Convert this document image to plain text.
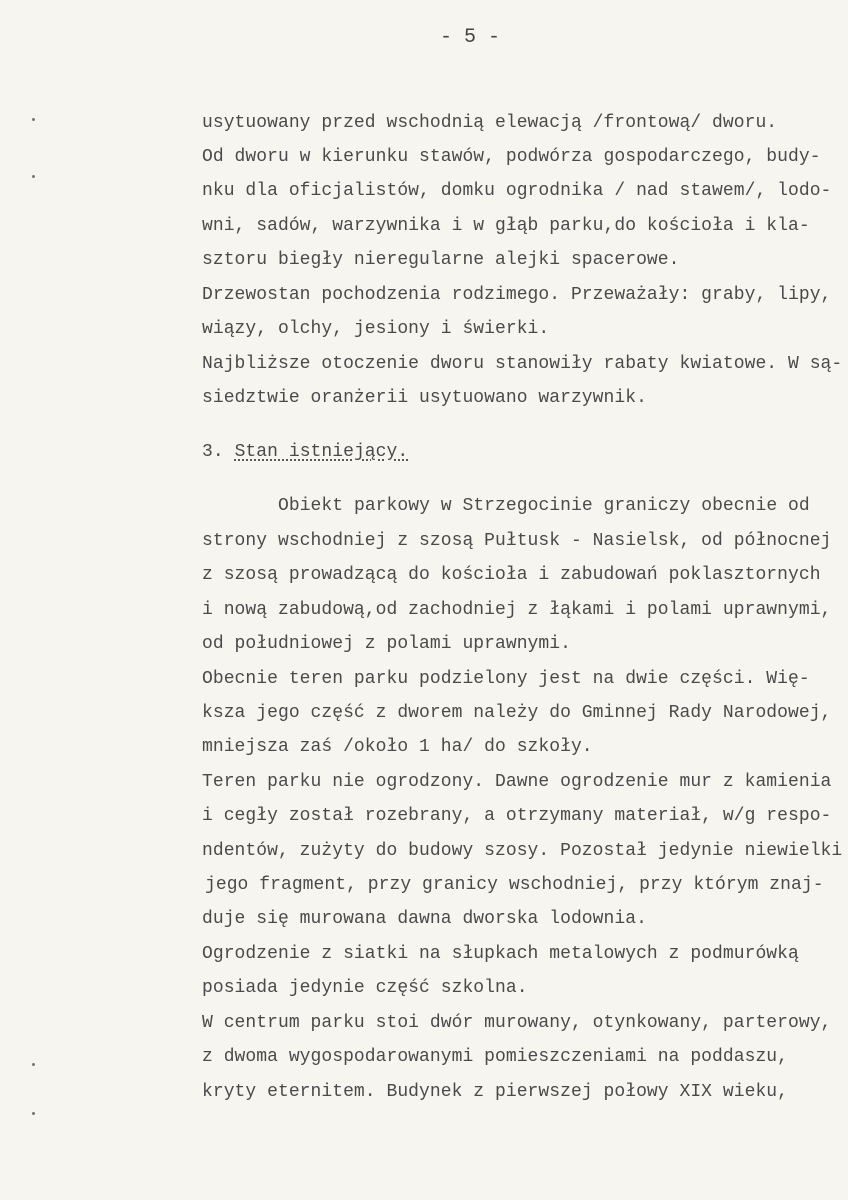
- 5 -
usytuowany przed wschodnią elewacją /frontową/ dworu.
Od dworu w kierunku stawów, podwórza gospodarczego, budy-
nku dla oficjalistów, domku ogrodnika / nad stawem/, lodo-
wni, sadów, warzywnika i w głąb parku,do kościoła i kla-
sztoru biegły nieregularne alejki spacerowe.
Drzewostan pochodzenia rodzimego. Przeważały: graby, lipy,
wiązy, olchy, jesiony i świerki.
Najbliższe otoczenie dworu stanowiły rabaty kwiatowe. W są-
siedztwie oranżerii usytuowano warzywnik.
3. Stan istniejący.
Obiekt parkowy w Strzegocinie graniczy obecnie od
strony wschodniej z szosą Pułtusk - Nasielsk, od północnej
z szosą prowadzącą do kościoła i zabudowań poklasztornych
i nową zabudową,od zachodniej z łąkami i polami uprawnymi,
od południowej z polami uprawnymi.
Obecnie teren parku podzielony jest na dwie części. Wię-
ksza jego część z dworem należy do Gminnej Rady Narodowej,
mniejsza zaś /około 1 ha/ do szkoły.
Teren parku nie ogrodzony. Dawne ogrodzenie mur z kamienia
i cegły został rozebrany, a otrzymany materiał, w/g respo-
ndentów, zużyty do budowy szosy. Pozostał jedynie niewielki
jego fragment, przy granicy wschodniej, przy którym znaj-
duje się murowana dawna dworska lodownia.
Ogrodzenie z siatki na słupkach metalowych z podmurówką
posiada jedynie część szkolna.
W centrum parku stoi dwór murowany, otynkowany, parterowy,
z dwoma wygospodarowanymi pomieszczeniami na poddaszu,
kryty eternitem. Budynek z pierwszej połowy XIX wieku,
